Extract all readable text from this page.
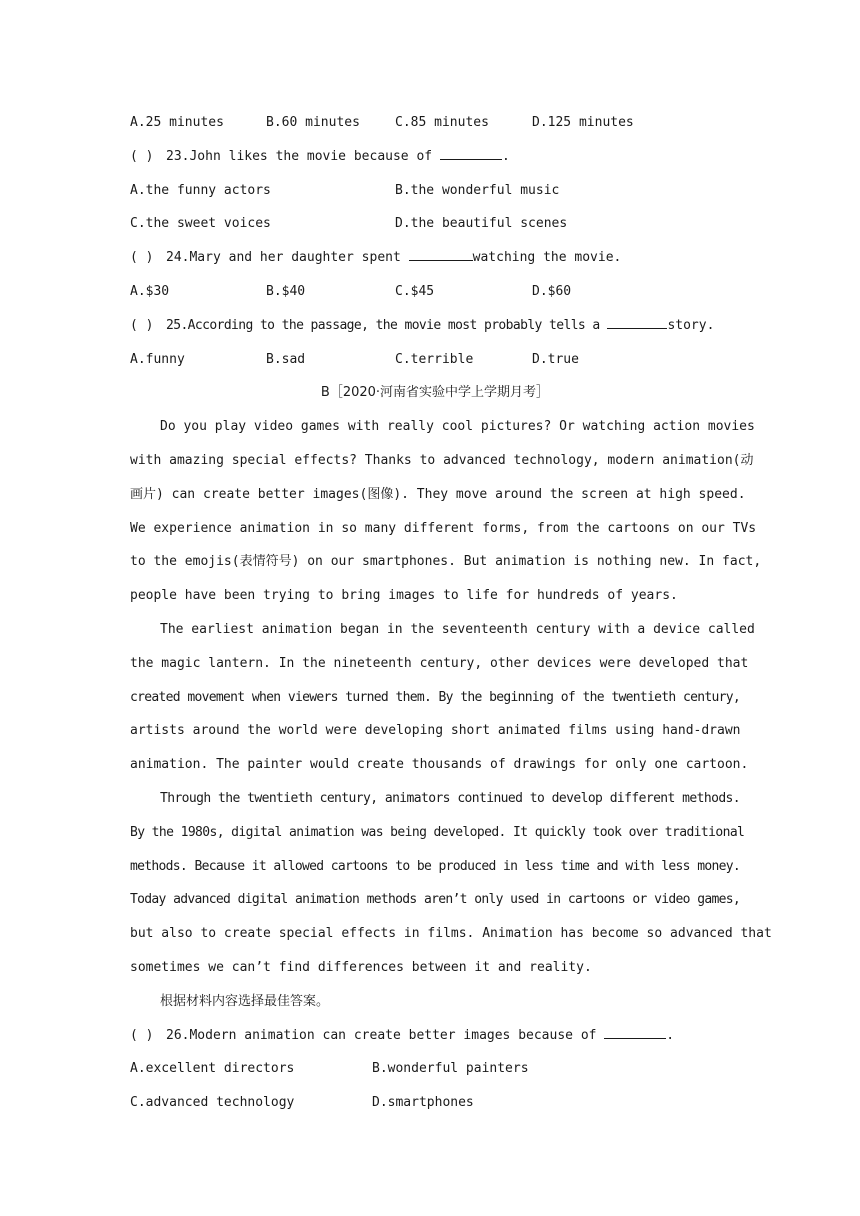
A.25 minutes	B.60 minutes	C.85 minutes	D.125 minutes
( ) 23.John likes the movie because of	.
A.the funny actors	B.the wonderful music
C.the sweet voices	D.the beautiful scenes
( ) 24.Mary and her daughter spent	watching the movie.
A.$30	B.$40	C.$45	D.$60
( ) 25.According to the passage, the movie most probably tells a	story.
A.funny	B.sad	C.terrible	D.true
B［2020·河南省实验中学上学期月考］
Do you play video games with really cool pictures? Or watching action movies
with amazing special effects? Thanks to advanced technology, modern animation(动
画片) can create better images(图像). They move around the screen at high speed.
We experience animation in so many different forms, from the cartoons on our TVs
to the emojis(表情符号) on our smartphones. But animation is nothing new. In fact,
people have been trying to bring images to life for hundreds of years.
The earliest animation began in the seventeenth century with a device called
the magic lantern. In the nineteenth century, other devices were developed that
created movement when viewers turned them. By the beginning of the twentieth century,
artists around the world were developing short animated films using hand-drawn
animation. The painter would create thousands of drawings for only one cartoon.
Through the twentieth century, animators continued to develop different methods.
By the 1980s, digital animation was being developed. It quickly took over traditional
methods. Because it allowed cartoons to be produced in less time and with less money.
Today advanced digital animation methods aren’t only used in cartoons or video games,
but also to create special effects in films. Animation has become so advanced that
sometimes we can’t find differences between it and reality.
根据材料内容选择最佳答案。
( ) 26.Modern animation can create better images because of	.
A.excellent directors	B.wonderful painters
C.advanced technology	D.smartphones
